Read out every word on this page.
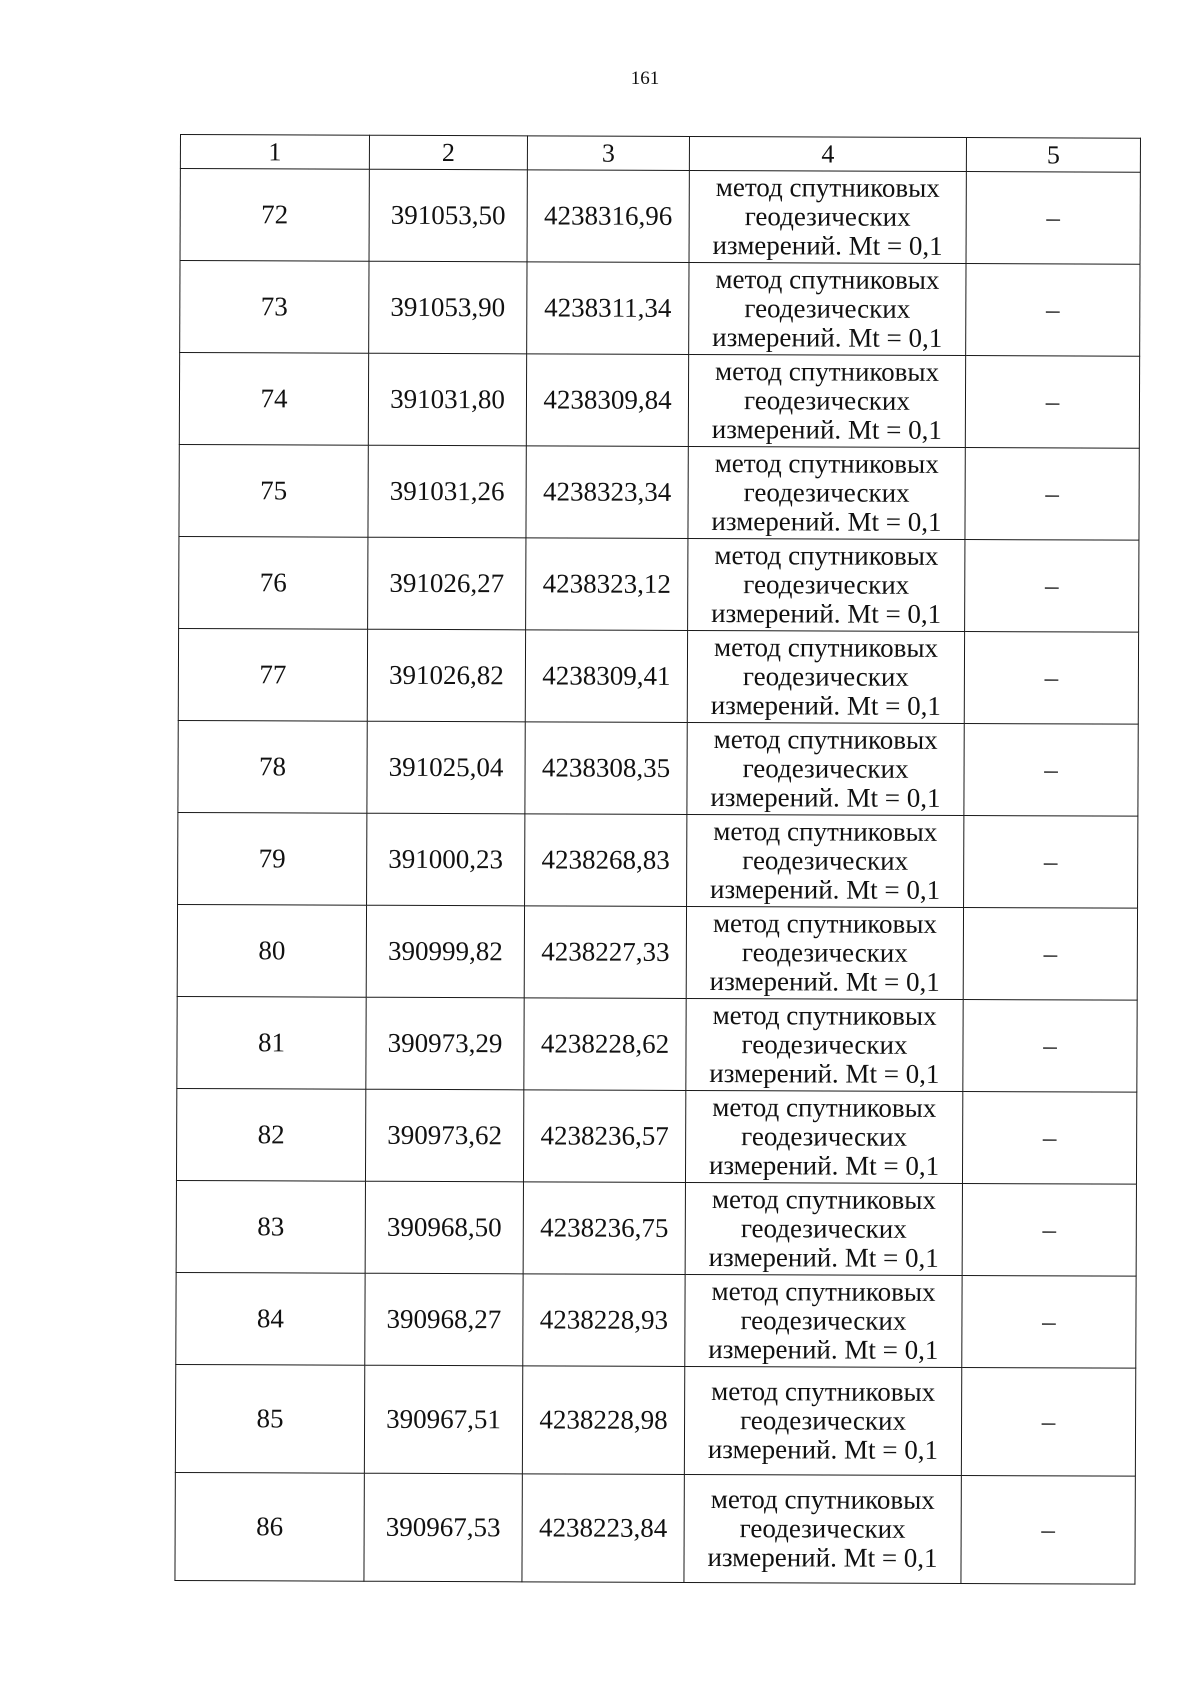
161
1	2	3	4	5
72	391053,50	4238316,96	метод спутниковых
геодезических
измерений. Mt = 0,1	–
73	391053,90	4238311,34	метод спутниковых
геодезических
измерений. Mt = 0,1	–
74	391031,80	4238309,84	метод спутниковых
геодезических
измерений. Mt = 0,1	–
75	391031,26	4238323,34	метод спутниковых
геодезических
измерений. Mt = 0,1	–
76	391026,27	4238323,12	метод спутниковых
геодезических
измерений. Mt = 0,1	–
77	391026,82	4238309,41	метод спутниковых
геодезических
измерений. Mt = 0,1	–
78	391025,04	4238308,35	метод спутниковых
геодезических
измерений. Mt = 0,1	–
79	391000,23	4238268,83	метод спутниковых
геодезических
измерений. Mt = 0,1	–
80	390999,82	4238227,33	метод спутниковых
геодезических
измерений. Mt = 0,1	–
81	390973,29	4238228,62	метод спутниковых
геодезических
измерений. Mt = 0,1	–
82	390973,62	4238236,57	метод спутниковых
геодезических
измерений. Mt = 0,1	–
83	390968,50	4238236,75	метод спутниковых
геодезических
измерений. Mt = 0,1	–
84	390968,27	4238228,93	метод спутниковых
геодезических
измерений. Mt = 0,1	–
85	390967,51	4238228,98	метод спутниковых
геодезических
измерений. Mt = 0,1	–
86	390967,53	4238223,84	метод спутниковых
геодезических
измерений. Mt = 0,1	–
